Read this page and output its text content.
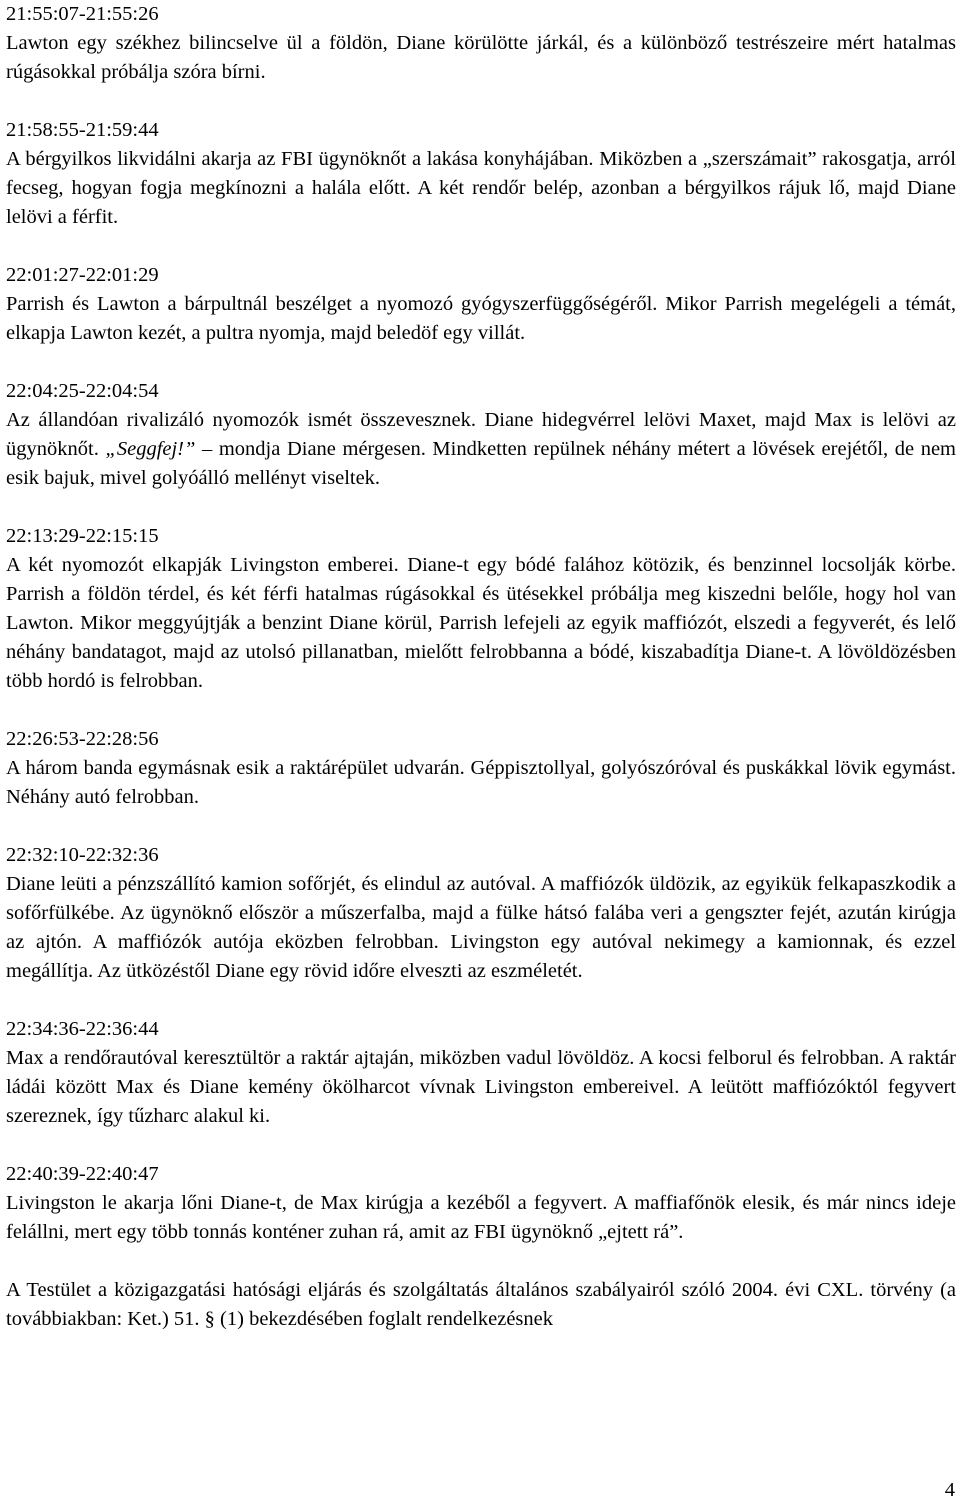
21:55:07-21:55:26
Lawton egy székhez bilincselve ül a földön, Diane körülötte járkál, és a különböző testrészeire mért hatalmas rúgásokkal próbálja szóra bírni.
21:58:55-21:59:44
A bérgyilkos likvidálni akarja az FBI ügynöknőt a lakása konyhájában. Miközben a „szerszámait” rakosgatja, arról fecseg, hogyan fogja megkínozni a halála előtt. A két rendőr belép, azonban a bérgyilkos rájuk lő, majd Diane lelövi a férfit.
22:01:27-22:01:29
Parrish és Lawton a bárpultnál beszélget a nyomozó gyógyszerfüggőségéről. Mikor Parrish megelégeli a témát, elkapja Lawton kezét, a pultra nyomja, majd beledöf egy villát.
22:04:25-22:04:54
Az állandóan rivalizáló nyomozók ismét összevesznek. Diane hidegvérrel lelövi Maxet, majd Max is lelövi az ügynöknőt. „Seggfej!” – mondja Diane mérgesen. Mindketten repülnek néhány métert a lövések erejétől, de nem esik bajuk, mivel golyóálló mellényt viseltek.
22:13:29-22:15:15
A két nyomozót elkapják Livingston emberei. Diane-t egy bódé falához kötözik, és benzinnel locsolják körbe. Parrish a földön térdel, és két férfi hatalmas rúgásokkal és ütésekkel próbálja meg kiszedni belőle, hogy hol van Lawton. Mikor meggyújtják a benzint Diane körül, Parrish lefejeli az egyik maffiózót, elszedi a fegyverét, és lelő néhány bandatagot, majd az utolsó pillanatban, mielőtt felrobbanna a bódé, kiszabadítja Diane-t. A lövöldözésben több hordó is felrobban.
22:26:53-22:28:56
A három banda egymásnak esik a raktárépület udvarán. Géppisztollyal, golyószóróval és puskákkal lövik egymást. Néhány autó felrobban.
22:32:10-22:32:36
Diane leüti a pénzszállító kamion sofőrjét, és elindul az autóval. A maffiózók üldözik, az egyikük felkapaszkodik a sofőrfülkébe. Az ügynöknő először a műszerfalba, majd a fülke hátsó falába veri a gengszter fejét, azután kirúgja az ajtón. A maffiózók autója eközben felrobban. Livingston egy autóval nekimegy a kamionnak, és ezzel megállítja. Az ütközéstől Diane egy rövid időre elveszti az eszméletét.
22:34:36-22:36:44
Max a rendőrautóval keresztültör a raktár ajtaján, miközben vadul lövöldöz. A kocsi felborul és felrobban. A raktár ládái között Max és Diane kemény ökölharcot vívnak Livingston embereivel. A leütött maffiózóktól fegyvert szereznek, így tűzharc alakul ki.
22:40:39-22:40:47
Livingston le akarja lőni Diane-t, de Max kirúgja a kezéből a fegyvert. A maffiafőnök elesik, és már nincs ideje felállni, mert egy több tonnás konténer zuhan rá, amit az FBI ügynöknő „ejtett rá”.
A Testület a közigazgatási hatósági eljárás és szolgáltatás általános szabályairól szóló 2004. évi CXL. törvény (a továbbiakban: Ket.) 51. § (1) bekezdésében foglalt rendelkezésnek
4
